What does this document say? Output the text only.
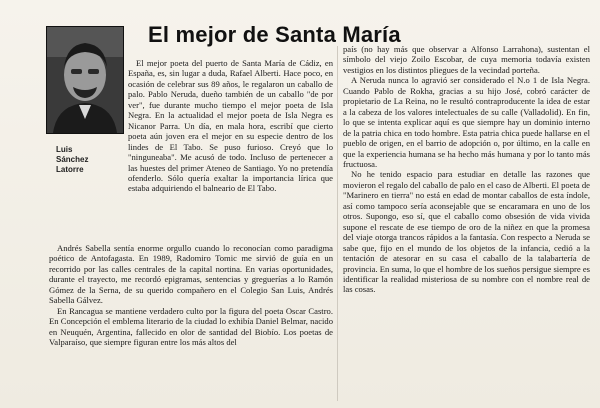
El mejor de Santa María
Luis
Sánchez
Latorre

El mejor poeta del puerto de Santa María de Cádiz, en España, es, sin lugar a duda, Rafael Alberti. Hace poco, en ocasión de celebrar sus 89 años, le regalaron un caballo de palo. Pablo Neruda, dueño también de un caballo "de por ver", fue durante mucho tiempo el mejor poeta de Isla Negra. En la actualidad el mejor poeta de Isla Negra es Nicanor Parra. Un día, en mala hora, escribí que cierto poeta aún joven era el mejor en su especie dentro de los lindes de El Tabo. Se puso furioso. Creyó que lo "ninguneaba". Me acusó de todo. Incluso de pertenecer a las huestes del primer Ateneo de Santiago. Yo no pretendía ofenderlo. Sólo quería exaltar la importancia lírica que estaba adquiriendo el balneario de El Tabo.

Andrés Sabella sentía enorme orgullo cuando lo reconocían como paradigma poético de Antofagasta. En 1989, Radomiro Tomic me sirvió de guía en un recorrido por las calles centrales de la capital nortina. En varias oportunidades, durante el trayecto, me recordó epigramas, sentencias y greguerías a lo Ramón Gómez de la Serna, de su querido compañero en el Colegio San Luis, Andrés Sabella Gálvez.

En Rancagua se mantiene verdadero culto por la figura del poeta Oscar Castro. En Concepción el emblema literario de la ciudad lo exhibía Daniel Belmar, nacido en Neuquén, Argentina, fallecido en olor de santidad del Biobío. Los poetas de Valparaíso, que siempre figuran entre los más altos del

país (no hay más que observar a Alfonso Larrahona), sustentan el símbolo del viejo Zoilo Escobar, de cuya memoria todavía existen vestigios en los distintos pliegues de la vecindad porteña.

A Neruda nunca lo agravió ser considerado el N.o 1 de Isla Negra. Cuando Pablo de Rokha, gracias a su hijo José, cobró carácter de propietario de La Reina, no le resultó contraproducente la idea de estar a la cabeza de los valores intelectuales de su calle (Valladolid). En fin, lo que se intenta explicar aquí es que siempre hay un dominio interno de la patria chica en todo hombre. Esta patria chica puede hallarse en el pueblo de origen, en el barrio de adopción o, por último, en la calle en que la experiencia humana se ha hecho más humana y por lo tanto más fructuosa.

No he tenido espacio para estudiar en detalle las razones que movieron el regalo del caballo de palo en el caso de Alberti. El poeta de "Marinero en tierra" no está en edad de montar caballos de esta índole, así como tampoco sería aconsejable que se encaramara en uno de los otros. Supongo, eso sí, que el caballo como obsesión de vida vivida supone el rescate de ese tiempo de oro de la niñez en que la promesa del viaje otorga trancos rápidos a la fantasía. Con respecto a Neruda se sabe que, fijo en el mundo de los objetos de la infancia, cedió a la tentación de atesorar en su casa el caballo de la talabartería de provincia. En suma, lo que el hombre de los sueños persigue siempre es identificar la realidad misteriosa de su nombre con el nombre real de las cosas.
